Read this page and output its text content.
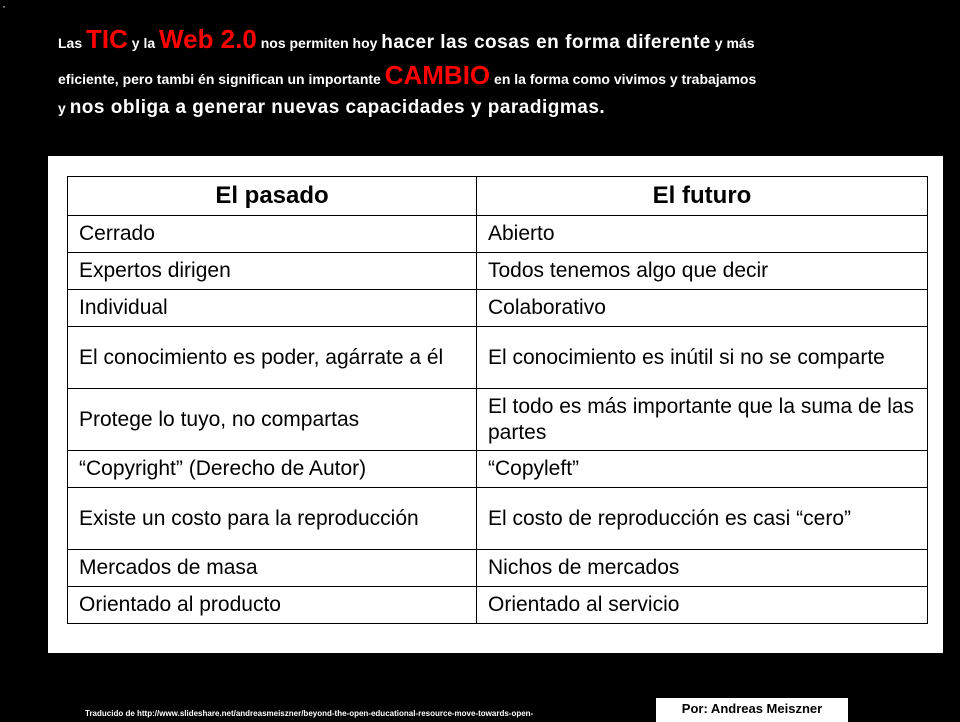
·
Las TIC y la Web 2.0 nos permiten hoy hacer las cosas en forma diferente y más
eficiente, pero tambi én significan un importante CAMBIO en la forma como vivimos y trabajamos
y nos obliga a generar nuevas capacidades y paradigmas.
El pasado	El futuro
Cerrado	Abierto
Expertos dirigen	Todos tenemos algo que decir
Individual	Colaborativo
El conocimiento es poder, agárrate a él	El conocimiento es inútil si no se comparte
Protege lo tuyo, no compartas	El todo es más importante que la suma de las partes
“Copyright” (Derecho de Autor)	“Copyleft”
Existe un costo para la reproducción	El costo de reproducción es casi “cero”
Mercados de masa	Nichos de mercados
Orientado al producto	Orientado al servicio
Traducido de http://www.slideshare.net/andreasmeiszner/beyond-the-open-educational-resource-move-towards-open-	Por: Andreas Meiszner
